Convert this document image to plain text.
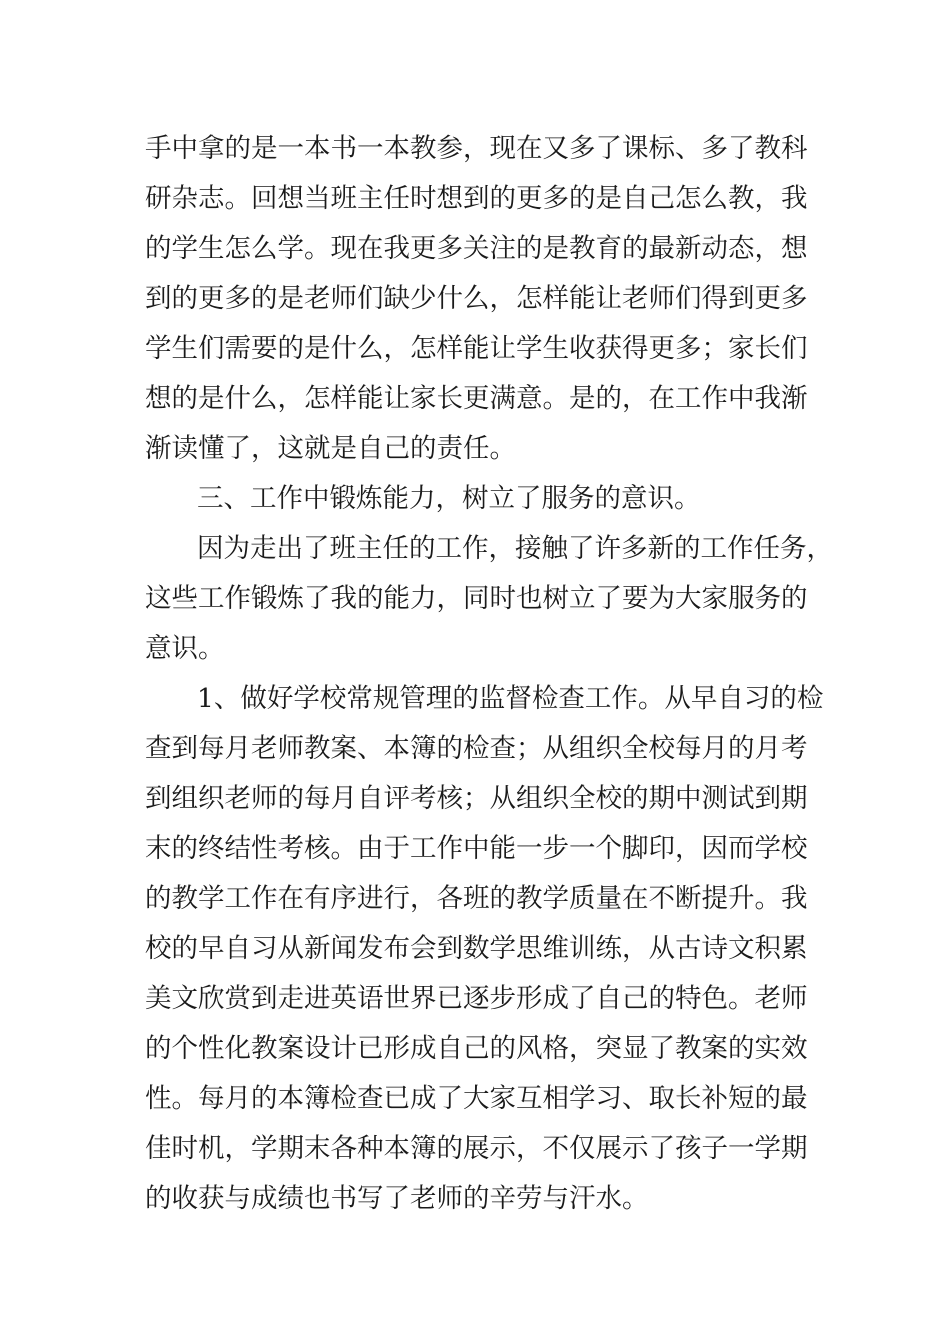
手中拿的是一本书一本教参，现在又多了课标、多了教科
研杂志。回想当班主任时想到的更多的是自己怎么教，我
的学生怎么学。现在我更多关注的是教育的最新动态，想
到的更多的是老师们缺少什么，怎样能让老师们得到更多
学生们需要的是什么，怎样能让学生收获得更多；家长们
想的是什么，怎样能让家长更满意。是的，在工作中我渐
渐读懂了，这就是自己的责任。
三、工作中锻炼能力，树立了服务的意识。
因为走出了班主任的工作，接触了许多新的工作任务，
这些工作锻炼了我的能力，同时也树立了要为大家服务的
意识。
1、做好学校常规管理的监督检查工作。从早自习的检
查到每月老师教案、本簿的检查；从组织全校每月的月考
到组织老师的每月自评考核；从组织全校的期中测试到期
末的终结性考核。由于工作中能一步一个脚印，因而学校
的教学工作在有序进行，各班的教学质量在不断提升。我
校的早自习从新闻发布会到数学思维训练，从古诗文积累
美文欣赏到走进英语世界已逐步形成了自己的特色。老师
的个性化教案设计已形成自己的风格，突显了教案的实效
性。每月的本簿检查已成了大家互相学习、取长补短的最
佳时机，学期末各种本簿的展示，不仅展示了孩子一学期
的收获与成绩也书写了老师的辛劳与汗水。
